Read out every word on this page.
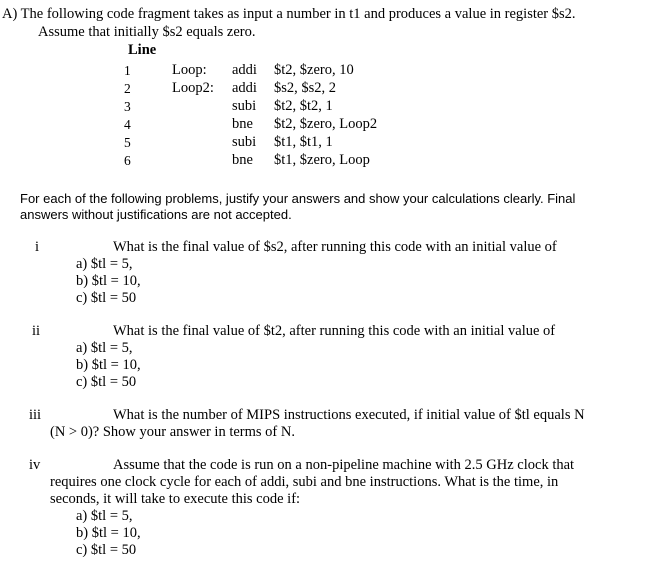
A) The following code fragment takes as input a number in t1 and produces a value in register $s2.
Assume that initially $s2 equals zero.
Line
1	Loop: addi $t2, $zero, 10
2	Loop2: addi $s2, $s2, 2
3	subi $t2, $t2, 1
4	bne $t2, $zero, Loop2
5	subi $t1, $t1, 1
6	bne $t1, $zero, Loop
For each of the following problems, justify your answers and show your calculations clearly. Final
answers without justifications are not accepted.
i	What is the final value of $s2, after running this code with an initial value of
a) $tl = 5,
b) $tl = 10,
c) $tl = 50
ii	What is the final value of $t2, after running this code with an initial value of
a) $tl = 5,
b) $tl = 10,
c) $tl = 50
iii	What is the number of MIPS instructions executed, if initial value of $tl equals N
(N > 0)? Show your answer in terms of N.
iv	Assume that the code is run on a non-pipeline machine with 2.5 GHz clock that
requires one clock cycle for each of addi, subi and bne instructions. What is the time, in
seconds, it will take to execute this code if:
a) $tl = 5,
b) $tl = 10,
c) $tl = 50
